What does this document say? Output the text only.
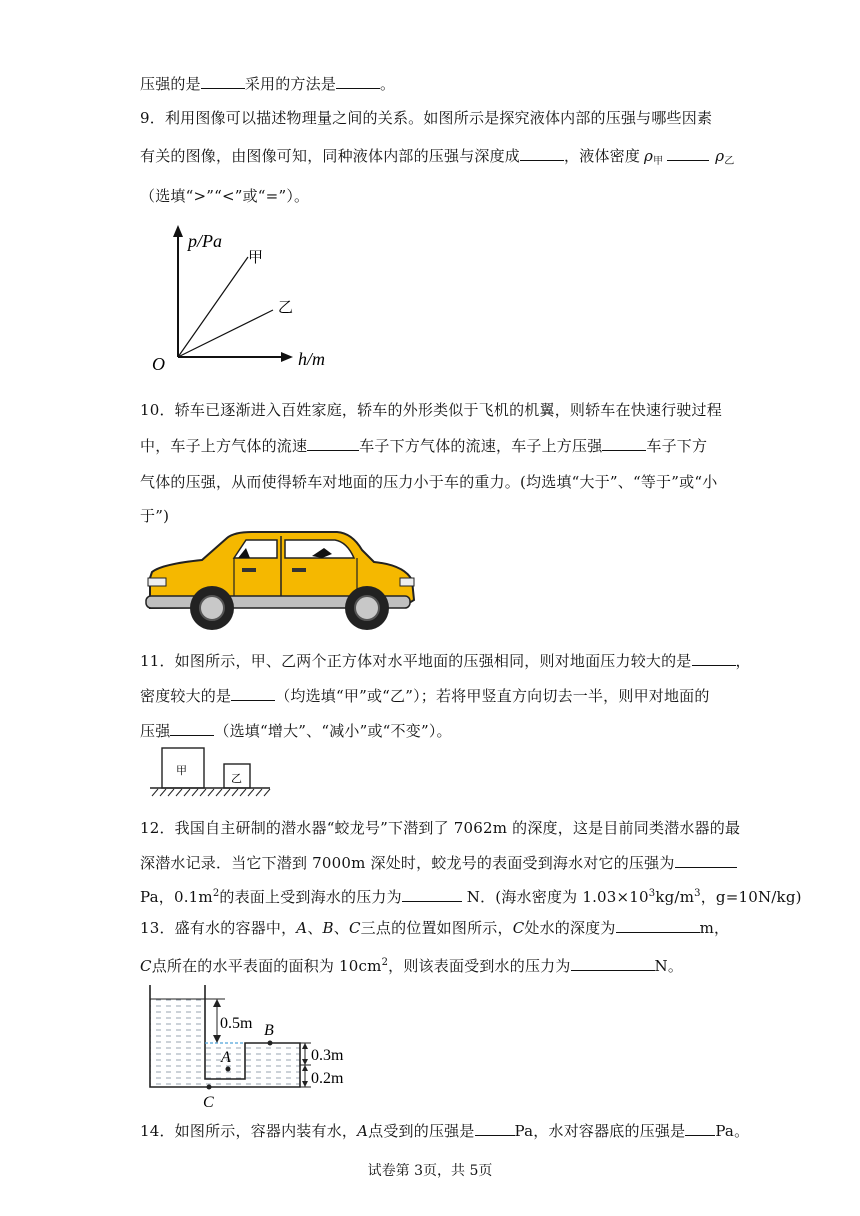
压强的是	采用的方法是	。
9．利用图像可以描述物理量之间的关系。如图所示是探究液体内部的压强与哪些因素
有关的图像，由图像可知，同种液体内部的压强与深度成	，液体密度 $\rho_甲$	$\rho_乙$
（选填“>”“<”或“=”）。
p/Pa
h/m
O
甲
乙
10．轿车已逐渐进入百姓家庭，轿车的外形类似于飞机的机翼，则轿车在快速行驶过程
中，车子上方气体的流速	车子下方气体的流速，车子上方压强	车子下方
气体的压强，从而使得轿车对地面的压力小于车的重力。(均选填“大于”、“等于”或“小
于”)
11．如图所示，甲、乙两个正方体对水平地面的压强相同，则对地面压力较大的是	，
密度较大的是	（均选填“甲”或“乙”）；若将甲竖直方向切去一半，则甲对地面的
压强	（选填“增大”、“减小”或“不变”）。
甲
乙
12．我国自主研制的潜水器“蛟龙号”下潜到了 7062m 的深度，这是目前同类潜水器的最
深潜水记录．当它下潜到 7000m 深处时，蛟龙号的表面受到海水对它的压强为
Pa，$0.1m^2$的表面上受到海水的压力为	N．(海水密度为 $1.03\times 10^3kg/m^3$，g=10N/kg)
13．盛有水的容器中，A、B、C三点的位置如图所示，C处水的深度为	m，
C点所在的水平表面的面积为 $10cm^2$，则该表面受到水的压力为	N。
0.5m
0.3m
0.2m
A
B
C
14．如图所示，容器内装有水，A点受到的压强是	Pa，水对容器底的压强是 Pa。
试卷第 3页，共 5页
